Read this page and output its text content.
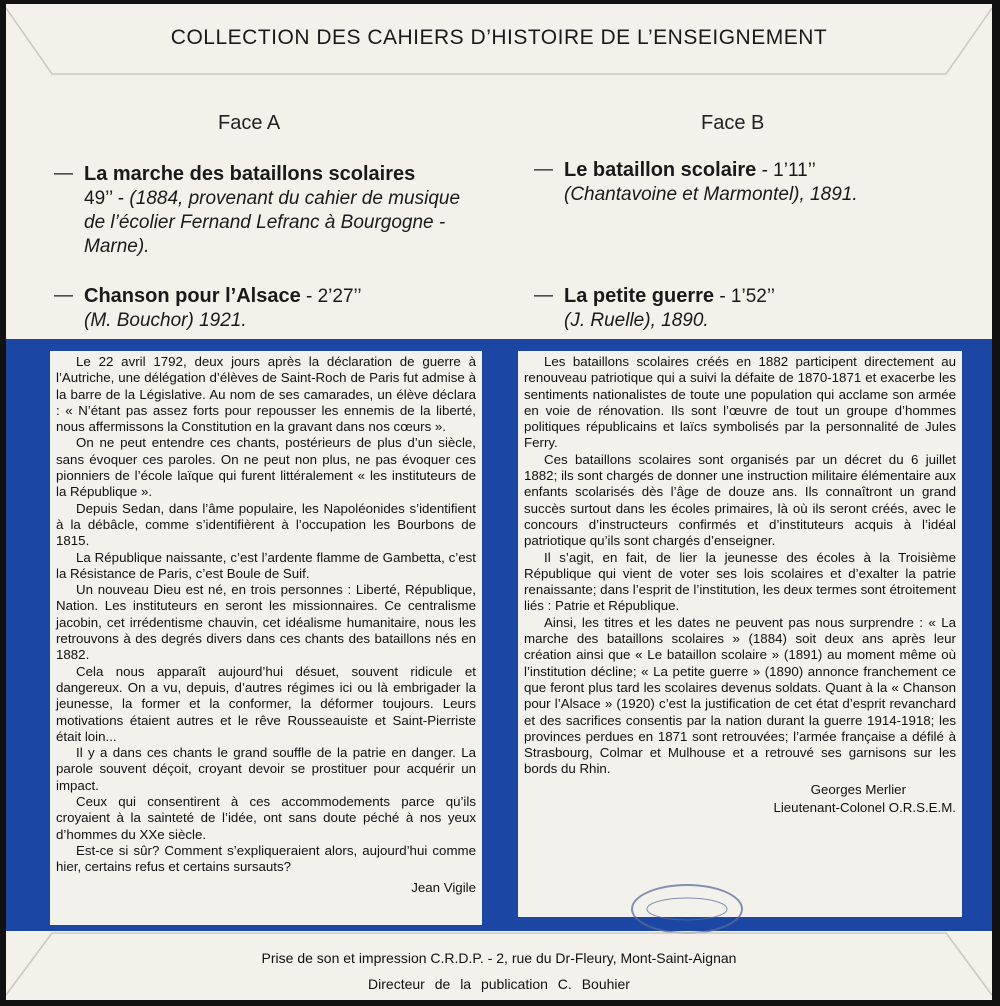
COLLECTION DES CAHIERS D’HISTOIRE DE L’ENSEIGNEMENT
Face A	Face B
— La marche des bataillons scolaires
49’’ - (1884, provenant du cahier de musique de l’écolier Fernand Lefranc à Bourgogne - Marne).
— Chanson pour l’Alsace - 2’27’’
(M. Bouchor) 1921.
— Le bataillon scolaire - 1’11’’
(Chantavoine et Marmontel), 1891.
— La petite guerre - 1’52’’
(J. Ruelle), 1890.

Le 22 avril 1792, deux jours après la déclaration de guerre à l’Autriche, une délégation d’élèves de Saint-Roch de Paris fut admise à la barre de la Législative. Au nom de ses camarades, un élève déclara : « N’étant pas assez forts pour repousser les ennemis de la liberté, nous affermissons la Constitution en la gravant dans nos cœurs ».

On ne peut entendre ces chants, postérieurs de plus d’un siècle, sans évoquer ces paroles. On ne peut non plus, ne pas évoquer ces pionniers de l’école laïque qui furent littéralement « les instituteurs de la République ».

Depuis Sedan, dans l’âme populaire, les Napoléonides s’identifient à la débâcle, comme s’identifièrent à l’occupation les Bourbons de 1815.

La République naissante, c’est l’ardente flamme de Gambetta, c’est la Résistance de Paris, c’est Boule de Suif.

Un nouveau Dieu est né, en trois personnes : Liberté, République, Nation. Les instituteurs en seront les missionnaires. Ce centralisme jacobin, cet irrédentisme chauvin, cet idéalisme humanitaire, nous les retrouvons à des degrés divers dans ces chants des bataillons nés en 1882.

Cela nous apparaît aujourd’hui désuet, souvent ridicule et dangereux. On a vu, depuis, d’autres régimes ici ou là embrigader la jeunesse, la former et la conformer, la déformer toujours. Leurs motivations étaient autres et le rêve Rousseauiste et Saint-Pierriste était loin...

Il y a dans ces chants le grand souffle de la patrie en danger. La parole souvent déçoit, croyant devoir se prostituer pour acquérir un impact.

Ceux qui consentirent à ces accommodements parce qu’ils croyaient à la sainteté de l’idée, ont sans doute péché à nos yeux d’hommes du XXe siècle.

Est-ce si sûr? Comment s’expliqueraient alors, aujourd’hui comme hier, certains refus et certains sursauts?

Jean Vigile

Les bataillons scolaires créés en 1882 participent directement au renouveau patriotique qui a suivi la défaite de 1870-1871 et exacerbe les sentiments nationalistes de toute une population qui acclame son armée en voie de rénovation. Ils sont l’œuvre de tout un groupe d’hommes politiques républicains et laïcs symbolisés par la personnalité de Jules Ferry.

Ces bataillons scolaires sont organisés par un décret du 6 juillet 1882; ils sont chargés de donner une instruction militaire élémentaire aux enfants scolarisés dès l’âge de douze ans. Ils connaîtront un grand succès surtout dans les écoles primaires, là où ils seront créés, avec le concours d’instructeurs confirmés et d’instituteurs acquis à l’idéal patriotique qu’ils sont chargés d’enseigner.

Il s’agit, en fait, de lier la jeunesse des écoles à la Troisième République qui vient de voter ses lois scolaires et d’exalter la patrie renaissante; dans l’esprit de l’institution, les deux termes sont étroitement liés : Patrie et République.

Ainsi, les titres et les dates ne peuvent pas nous surprendre : « La marche des bataillons scolaires » (1884) soit deux ans après leur création ainsi que « Le bataillon scolaire » (1891) au moment même où l’institution décline; « La petite guerre » (1890) annonce franchement ce que feront plus tard les scolaires devenus soldats. Quant à la « Chanson pour l’Alsace » (1920) c’est la justification de cet état d’esprit revanchard et des sacrifices consentis par la nation durant la guerre 1914-1918; les provinces perdues en 1871 sont retrouvées; l’armée française a défilé à Strasbourg, Colmar et Mulhouse et a retrouvé ses garnisons sur les bords du Rhin.

Georges Merlier
Lieutenant-Colonel O.R.S.E.M.
Prise de son et impression C.R.D.P. - 2, rue du Dr-Fleury, Mont-Saint-Aignan
Directeur de la publication C. Bouhier
